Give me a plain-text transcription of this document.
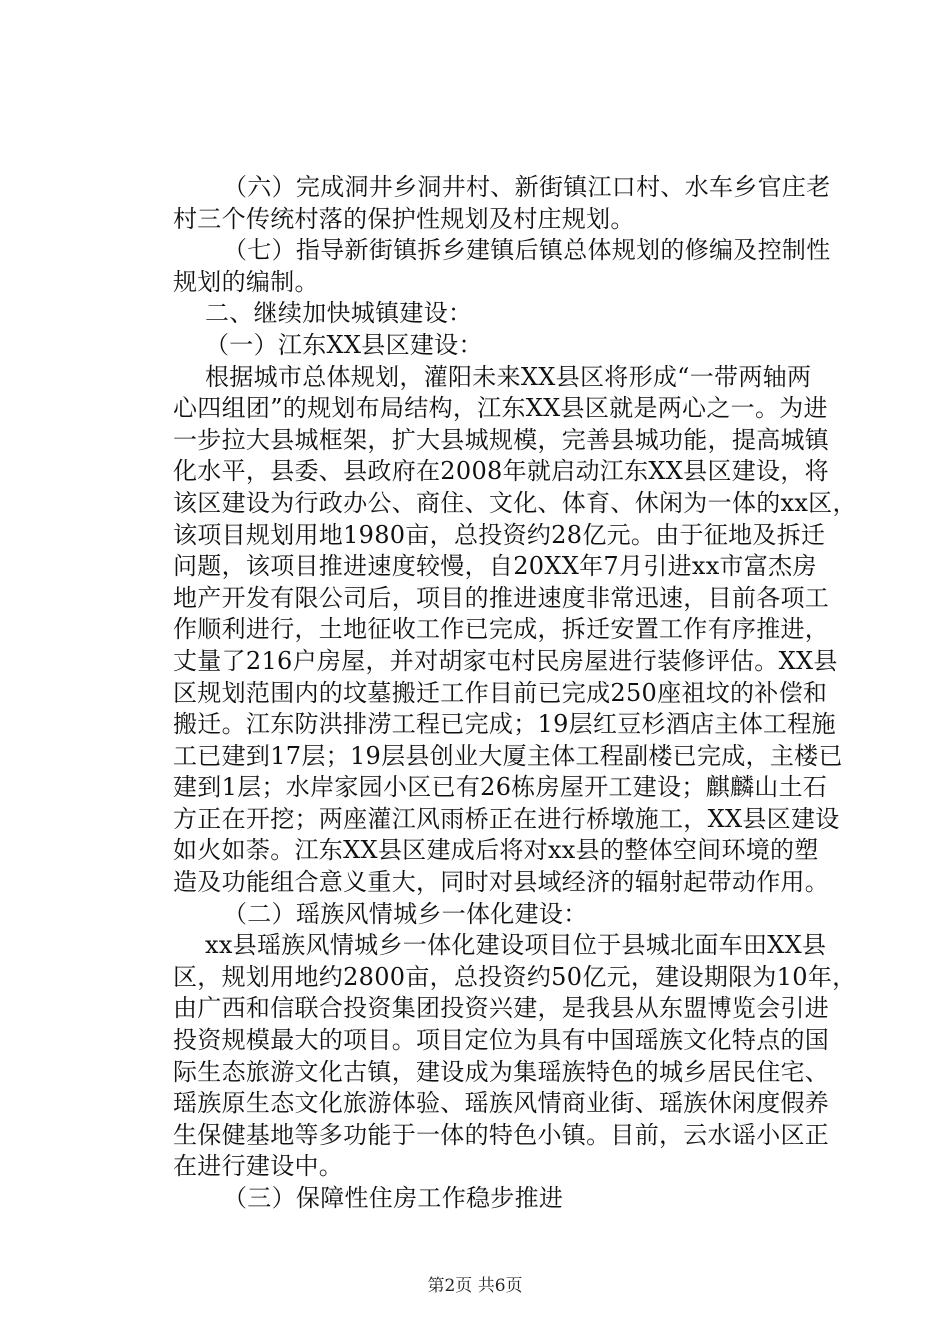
（六）完成洞井乡洞井村、新街镇江口村、水车乡官庄老
村三个传统村落的保护性规划及村庄规划。
（七）指导新街镇拆乡建镇后镇总体规划的修编及控制性
规划的编制。
二、继续加快城镇建设：
（一）江东XX县区建设：
根据城市总体规划，灌阳未来XX县区将形成“一带两轴两
心四组团”的规划布局结构，江东XX县区就是两心之一。为进
一步拉大县城框架，扩大县城规模，完善县城功能，提高城镇
化水平，县委、县政府在2008年就启动江东XX县区建设，将
该区建设为行政办公、商住、文化、体育、休闲为一体的xx区，
该项目规划用地1980亩，总投资约28亿元。由于征地及拆迁
问题，该项目推进速度较慢，自20XX年7月引进xx市富杰房
地产开发有限公司后，项目的推进速度非常迅速，目前各项工
作顺利进行，土地征收工作已完成，拆迁安置工作有序推进，
丈量了216户房屋，并对胡家屯村民房屋进行装修评估。XX县
区规划范围内的坟墓搬迁工作目前已完成250座祖坟的补偿和
搬迁。江东防洪排涝工程已完成；19层红豆杉酒店主体工程施
工已建到17层；19层县创业大厦主体工程副楼已完成，主楼已
建到1层；水岸家园小区已有26栋房屋开工建设；麒麟山土石
方正在开挖；两座灌江风雨桥正在进行桥墩施工，XX县区建设
如火如荼。江东XX县区建成后将对xx县的整体空间环境的塑
造及功能组合意义重大，同时对县域经济的辐射起带动作用。
（二）瑶族风情城乡一体化建设：
xx县瑶族风情城乡一体化建设项目位于县城北面车田XX县
区，规划用地约2800亩，总投资约50亿元，建设期限为10年，
由广西和信联合投资集团投资兴建，是我县从东盟博览会引进
投资规模最大的项目。项目定位为具有中国瑶族文化特点的国
际生态旅游文化古镇，建设成为集瑶族特色的城乡居民住宅、
瑶族原生态文化旅游体验、瑶族风情商业街、瑶族休闲度假养
生保健基地等多功能于一体的特色小镇。目前，云水谣小区正
在进行建设中。
（三）保障性住房工作稳步推进
第2页 共6页
